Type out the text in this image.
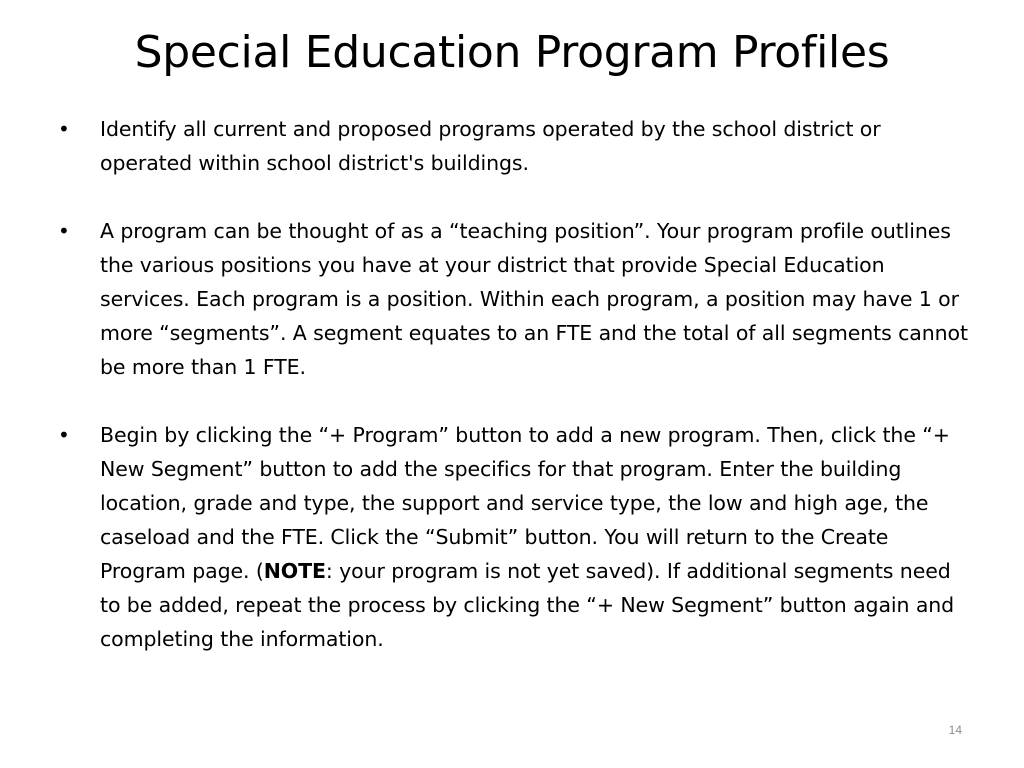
Special Education Program Profiles
• Identify all current and proposed programs operated by the school district or operated within school district's buildings.
• A program can be thought of as a “teaching position”. Your program profile outlines the various positions you have at your district that provide Special Education services. Each program is a position. Within each program, a position may have 1 or more “segments”. A segment equates to an FTE and the total of all segments cannot be more than 1 FTE.
• Begin by clicking the “+ Program” button to add a new program. Then, click the “+ New Segment” button to add the specifics for that program. Enter the building location, grade and type, the support and service type, the low and high age, the caseload and the FTE. Click the “Submit” button. You will return to the Create Program page. (NOTE: your program is not yet saved). If additional segments need to be added, repeat the process by clicking the “+ New Segment” button again and completing the information.
14
